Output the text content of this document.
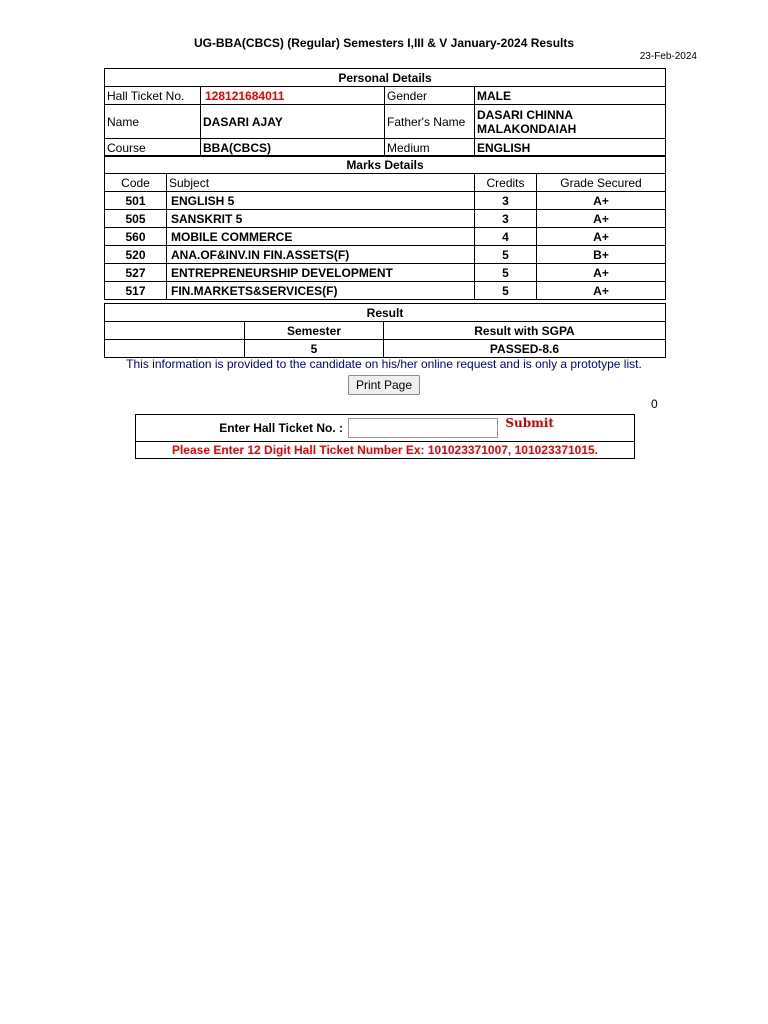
UG-BBA(CBCS) (Regular) Semesters I,III & V January-2024 Results
23-Feb-2024
Personal Details			
Hall Ticket No.	128121684011	Gender	MALE
Name	DASARI AJAY	Father's Name	DASARI CHINNA MALAKONDAIAH
Course	BBA(CBCS)	Medium	ENGLISH
Marks Details			
Code	Subject	Credits	Grade Secured
501	ENGLISH 5	3	A+
505	SANSKRIT 5	3	A+
560	MOBILE COMMERCE	4	A+
520	ANA.OF&INV.IN FIN.ASSETS(F)	5	B+
527	ENTREPRENEURSHIP DEVELOPMENT	5	A+
517	FIN.MARKETS&SERVICES(F)	5	A+
Result		
	Semester	Result with SGPA
	5	PASSED-8.6
This information is provided to the candidate on his/her online request and is only a prototype list.
Print Page
0
Enter Hall Ticket No. :	Submit
Please Enter 12 Digit Hall Ticket Number Ex: 101023371007, 101023371015.
